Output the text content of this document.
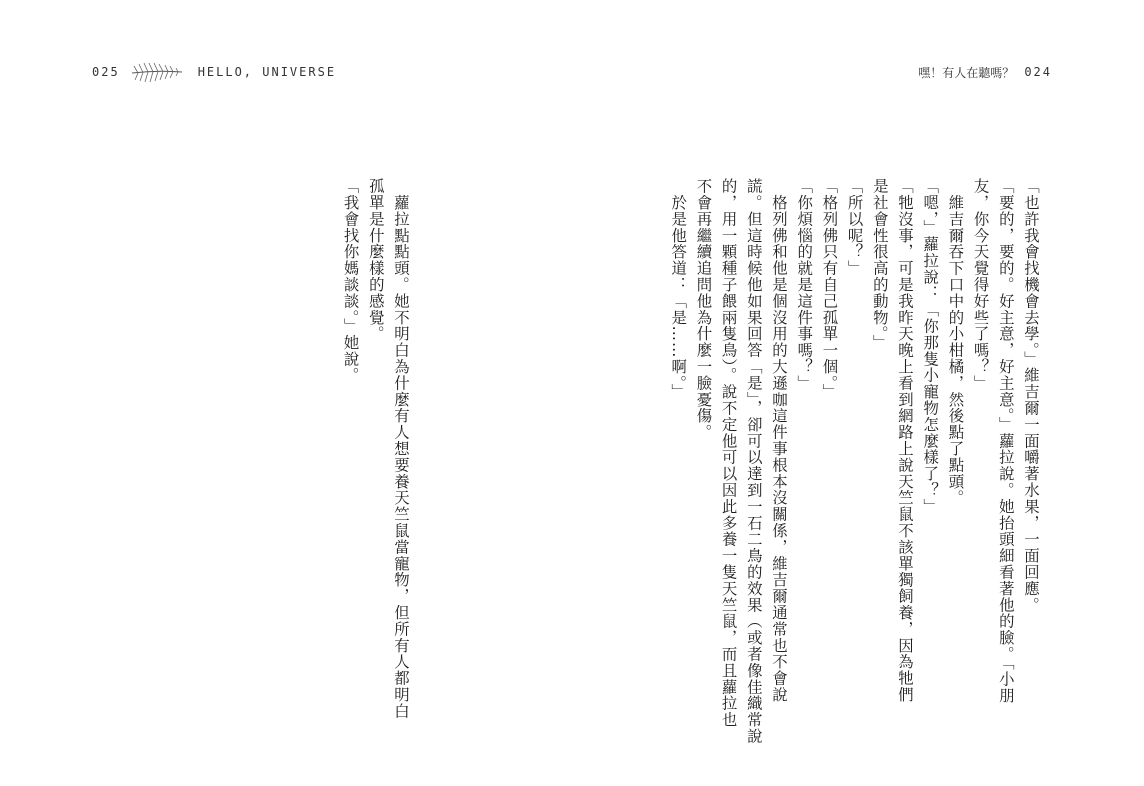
025	HELLO, UNIVERSE	嘿！有人在聽嗎？ 024
「也許我會找機會去學。」維吉爾一面嚼著水果，一面回應。
「要的，要的。好主意，好主意。」蘿拉說。她抬頭細看著他的臉。「小朋
友，你今天覺得好些了嗎？」
　維吉爾吞下口中的小柑橘，然後點了點頭。
「嗯，」蘿拉說：「你那隻小寵物怎麼樣了？」
「牠沒事，可是我昨天晚上看到網路上說天竺鼠不該單獨飼養，因為牠們
是社會性很高的動物。」
「所以呢？」
「格列佛只有自己孤單一個。」
「你煩惱的就是這件事嗎？」
　格列佛和他是個沒用的大遜咖這件事根本沒關係，維吉爾通常也不會說
謊。但這時候他如果回答「是」，卻可以達到一石二鳥的效果（或者像佳織常說
的，用一顆種子餵兩隻鳥）。說不定他可以因此多養一隻天竺鼠，而且蘿拉也
不會再繼續追問他為什麼一臉憂傷。
　於是他答道：「是……啊。」
　蘿拉點點頭。她不明白為什麼有人想要養天竺鼠當寵物，但所有人都明白
孤單是什麼樣的感覺。
「我會找你媽談談。」她說。
